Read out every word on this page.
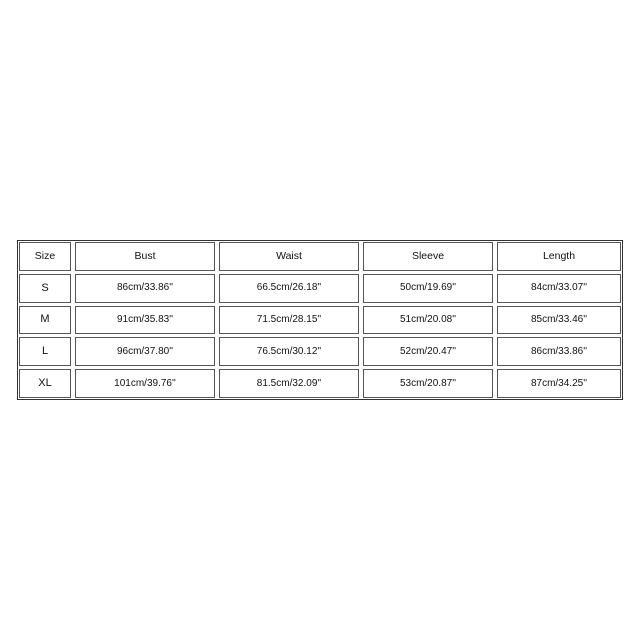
Size	Bust	Waist	Sleeve	Length
S	86cm/33.86''	66.5cm/26.18''	50cm/19.69''	84cm/33.07''
M	91cm/35.83''	71.5cm/28.15''	51cm/20.08''	85cm/33.46''
L	96cm/37.80''	76.5cm/30.12''	52cm/20.47''	86cm/33.86''
XL	101cm/39.76''	81.5cm/32.09''	53cm/20.87''	87cm/34.25''
